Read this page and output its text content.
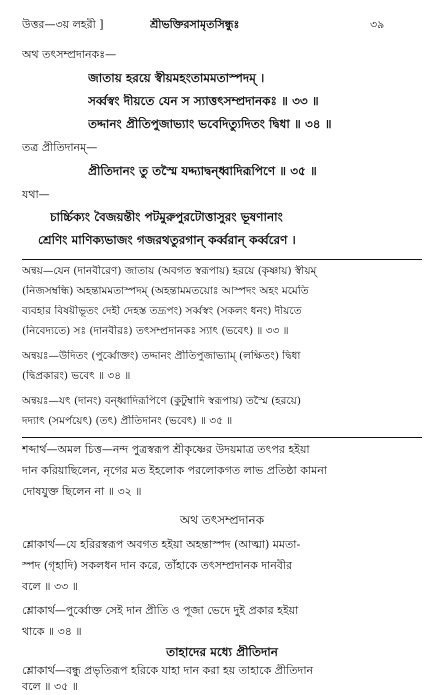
উত্তর—৩য় লহরী ]	শ্রীভক্তিরসামৃতসিন্ধুঃ	৩৯
অথ তৎসম্প্রদানকঃ—
জাতায় হরয়ে স্বীয়মহংতামমতাস্পদম্ ।
সর্ব্বস্বং দীয়তে যেন স স্যাত্তৎসম্প্রদানকঃ ॥ ৩৩ ॥
তদ্দানং প্রীতিপুজাভ্যাং ভবেদিত্যুদিতং দ্বিধা ॥ ৩৪ ॥
তত্র প্রীতিদানম্—
প্রীতিদানং তু তস্মৈ যদ্দ্যাদ্বন্ধ্বাদিরূপিণে ॥ ৩৫ ॥
যথা—
চার্চ্চিক্যং বৈজয়ন্তীং পটমুরুপুরটোত্তাসুরং ভূষণানাং
শ্রেণিং মাণিক্যভাজং গজরথতুরগান্ কর্ব্বরান্ কর্ব্বরেণ ।
অন্বয়—যেন (দানবীরেণ) জাতায় (অবগত স্বরূপায়) হরয়ে (কৃষ্ণায়) স্বীয়ম্
(নিজসম্বন্ধি) অহন্তামমতাস্পদম্ (অহন্তামমতয়োঃ আস্পদং অহং মমেতি
ব্যবহার বিষয়ীভূতং দেহী দেহস্ত তদ্রূপং) সর্ব্বস্বং (সকলং ধনং) দীয়তে
(নিবেদ্যতে) সঃ (দানবীরঃ) তৎসম্প্রদানকঃ স্যাৎ (ভবেৎ) ॥ ৩৩ ॥
অন্বয়ঃ—উদিতং (পুর্ব্বোক্তং) তদ্দানং প্রীতিপুজাভ্যাম্ (লক্ষিতং) দ্বিধা
(দ্বিপ্রকারং) ভবেৎ ॥ ৩৪ ॥
অন্বয়ঃ—যৎ (দানং) বন্ধ্বাদিরূপিণে (কুটুম্বাদি স্বরূপায়) তস্মৈ (হরয়ে)
দদ্যাৎ (সমর্পয়েৎ) (তৎ) প্রীতিদানং (ভবেৎ) ॥ ৩৫ ॥
শব্দার্থ—অমল চিত্ত—নন্দ পুত্রস্বরূপ শ্রীকৃষ্ণের উদয়মাত্র তৎপর হইয়া
দান করিয়াছিলেন, নৃগের মত ইহলোক পরলোকগত লাভ প্রতিষ্ঠা কামনা
দোষযুক্ত ছিলেন না ॥ ৩২ ॥
অথ তৎসম্প্রদানক
শ্লোকার্থ—যে হরিরস্বরূপ অবগত হইয়া অহন্তাস্পদ (আত্মা) মমতা-
স্পদ (গৃহাদি) সকলধন দান করে, তাঁহাকে তৎসম্প্রদানক দানবীর
বলে ॥ ৩৩ ॥
শ্লোকার্থ—পুর্ব্বোক্ত সেই দান প্রীতি ও পূজা ভেদে দুই প্রকার হইয়া
থাকে ॥ ৩৪ ॥
তাহাদের মধ্যে প্রীতিদান
শ্লোকার্থ—বন্ধু প্রভৃতিরূপ হরিকে যাহা দান করা হয় তাহাকে প্রীতিদান
বলে ॥ ৩৫ ॥
